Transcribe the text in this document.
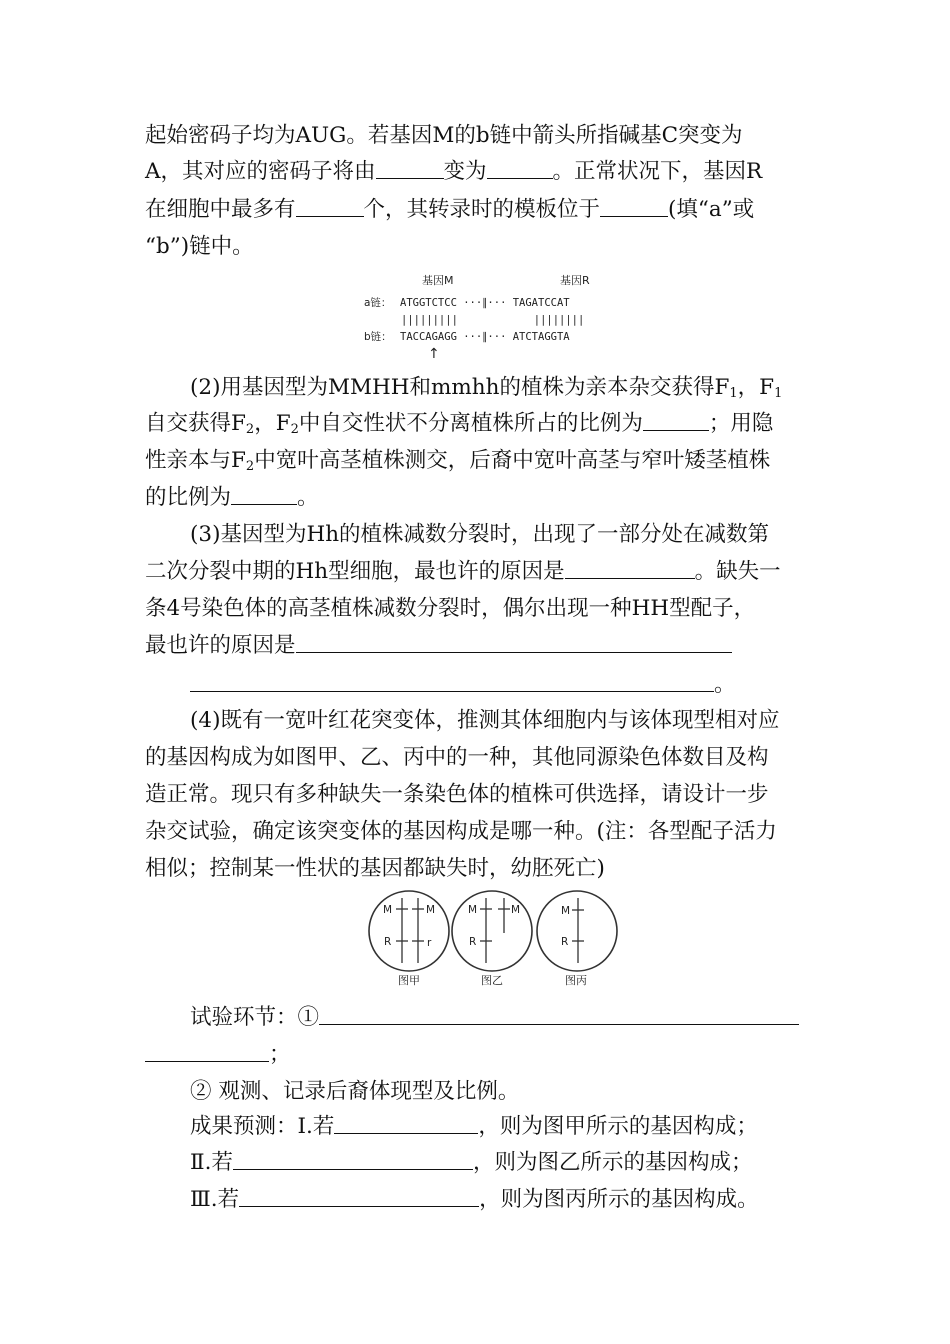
起始密码子均为AUG。若基因M的b链中箭头所指碱基C突变为
A，其对应的密码子将由	变为	。正常状况下，基因R
在细胞中最多有	个，其转录时的模板位于	(填“a”或
“b”)链中。
基因M	基因R
a链： ATGGTCTCC ···∥··· TAGATCCAT
|||||||||            ||||||||
b链： TACCAGAGG ···∥··· ATCTAGGTA
↑
(2)用基因型为MMHH和mmhh的植株为亲本杂交获得$F_1$，$F_1$
自交获得$F_2$，$F_2$中自交性状不分离植株所占的比例为	；用隐
性亲本与$F_2$中宽叶高茎植株测交，后裔中宽叶高茎与窄叶矮茎植株
的比例为	。
(3)基因型为Hh的植株减数分裂时，出现了一部分处在减数第
二次分裂中期的Hh型细胞，最也许的原因是	。缺失一
条4号染色体的高茎植株减数分裂时，偶尔出现一种HH型配子，
最也许的原因是
。
(4)既有一宽叶红花突变体，推测其体细胞内与该体现型相对应
的基因构成为如图甲、乙、丙中的一种，其他同源染色体数目及构
造正常。现只有多种缺失一条染色体的植株可供选择，请设计一步
杂交试验，确定该突变体的基因构成是哪一种。(注：各型配子活力
相似；控制某一性状的基因都缺失时，幼胚死亡)
M	M
R	r
M	M
R
M
R
图甲	图乙	图丙
试验环节：①
；
② 观测、记录后裔体现型及比例。
成果预测：Ⅰ.若	，则为图甲所示的基因构成；
Ⅱ.若	，则为图乙所示的基因构成；
Ⅲ.若	，则为图丙所示的基因构成。
